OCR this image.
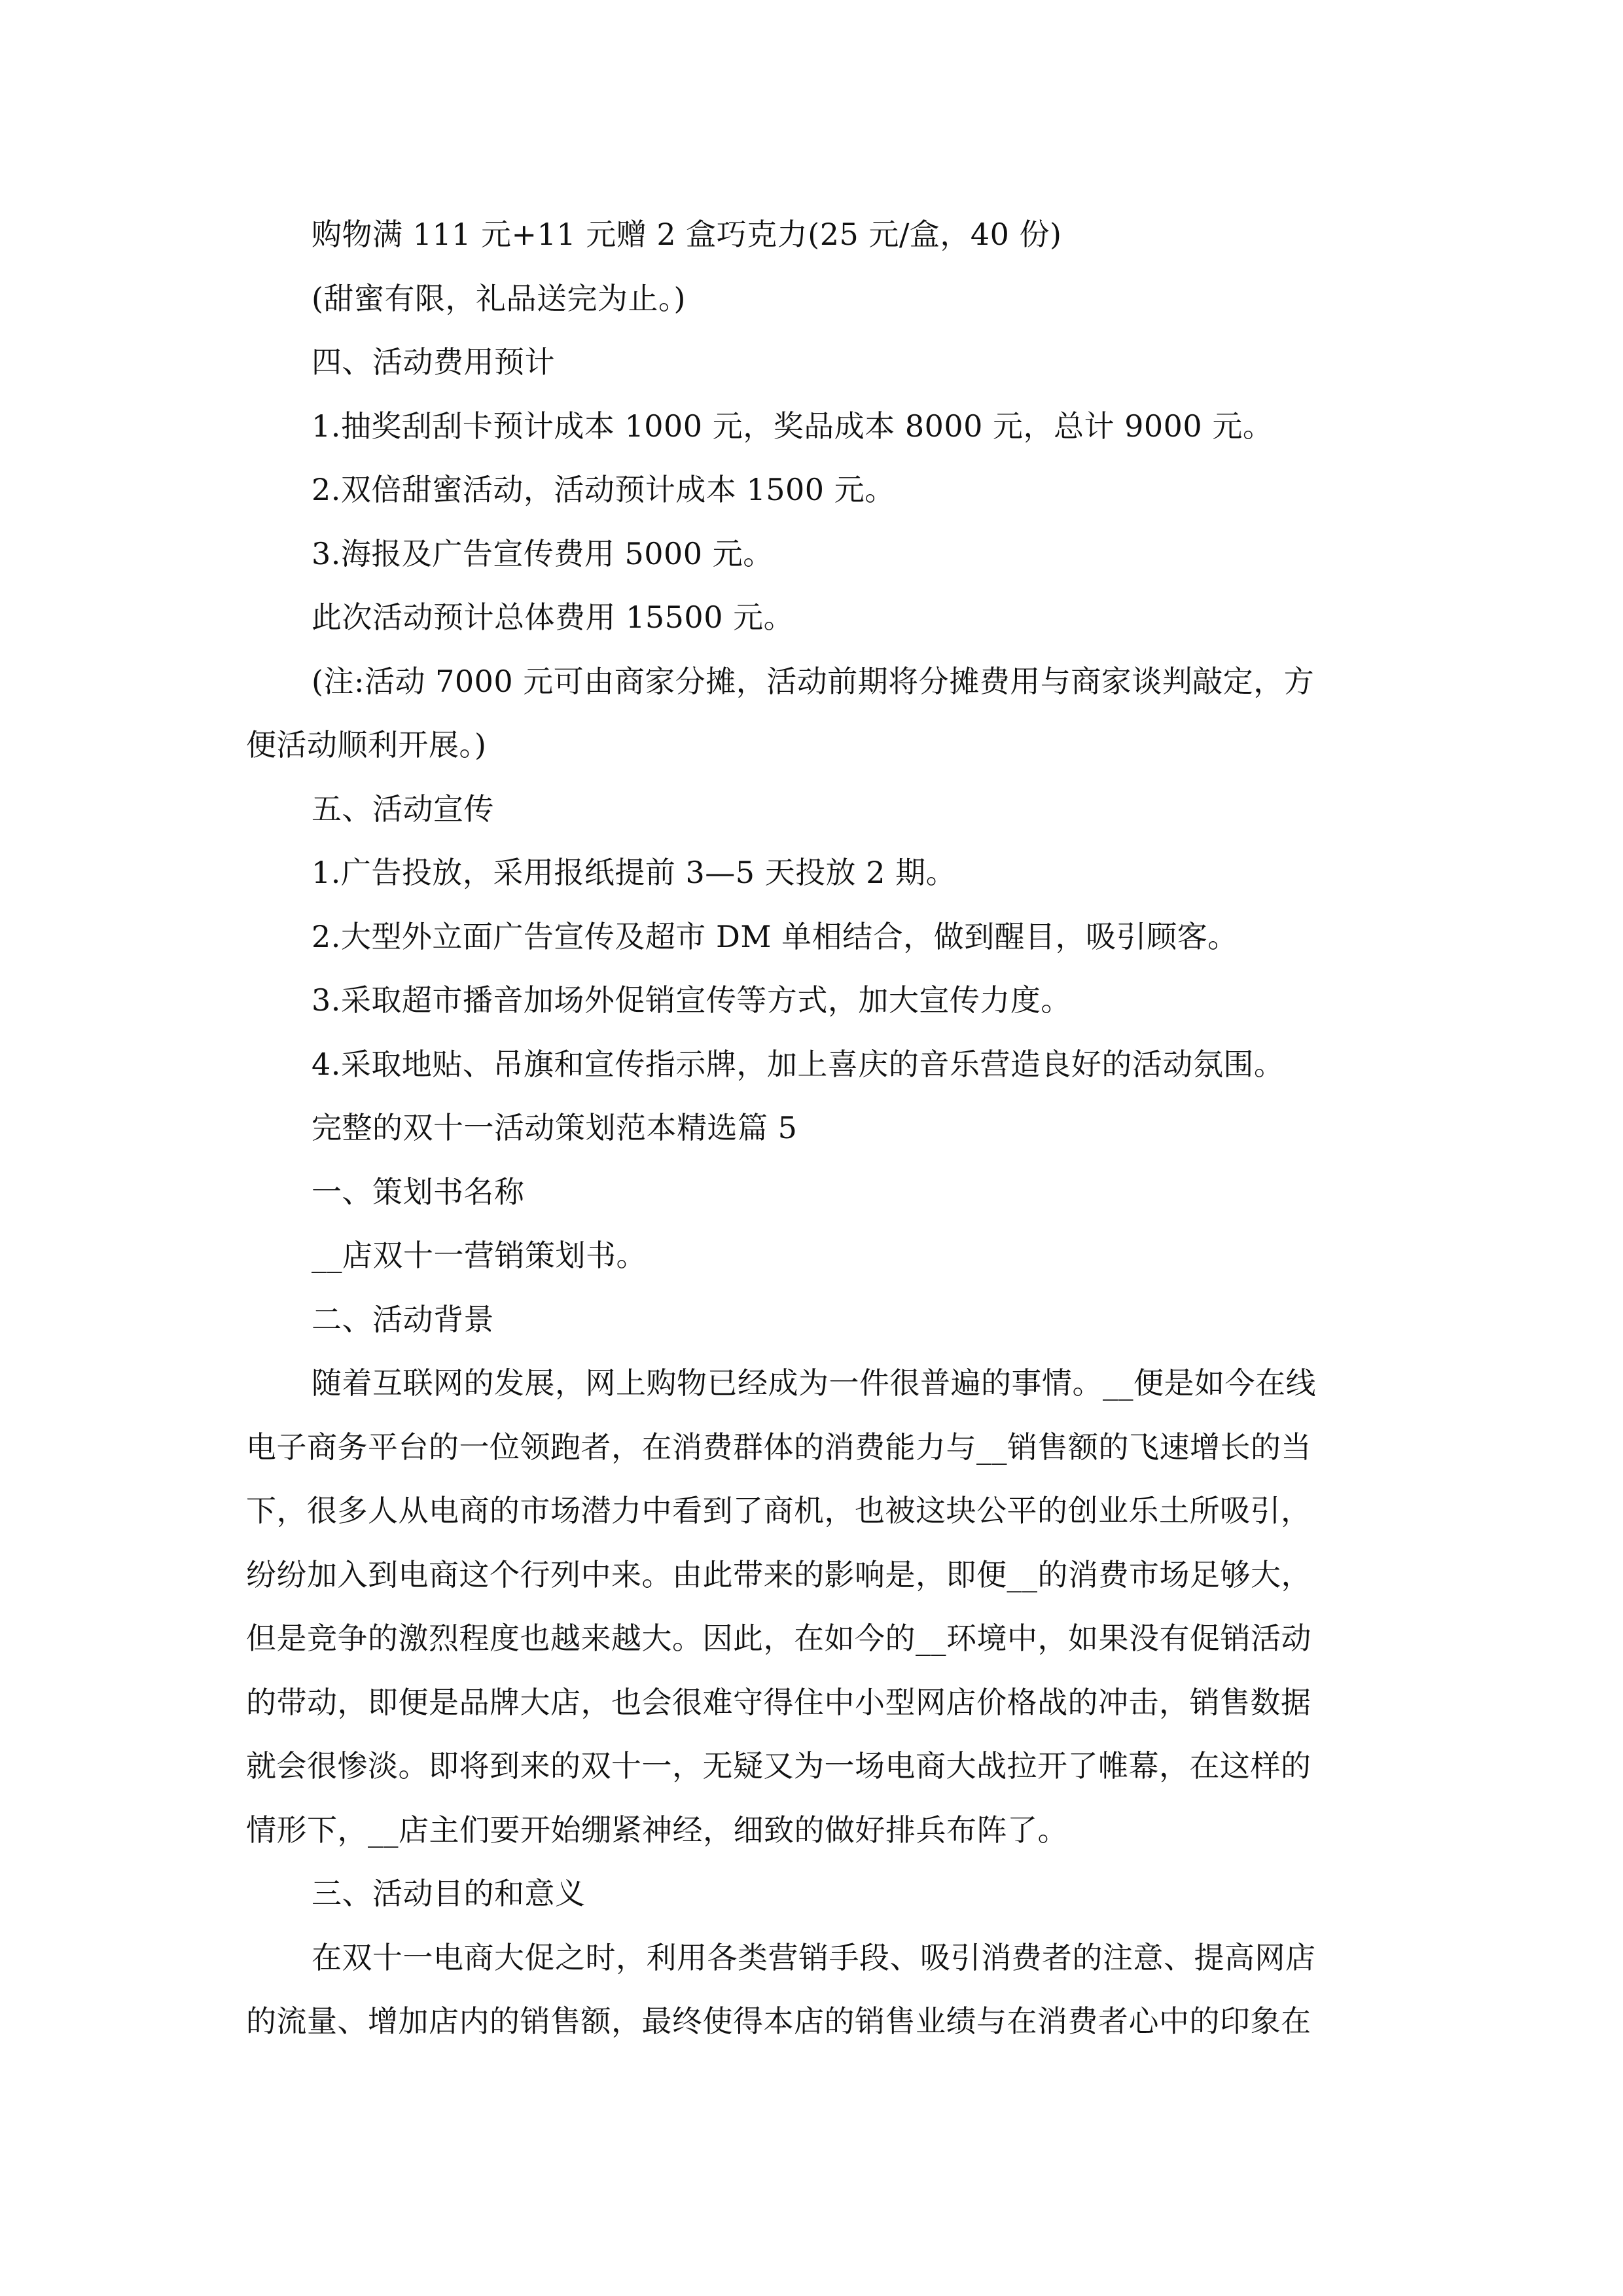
购物满 111 元+11 元赠 2 盒巧克力(25 元/盒，40 份)

(甜蜜有限，礼品送完为止。)

四、活动费用预计

1.抽奖刮刮卡预计成本 1000 元，奖品成本 8000 元，总计 9000 元。

2.双倍甜蜜活动，活动预计成本 1500 元。

3.海报及广告宣传费用 5000 元。

此次活动预计总体费用 15500 元。

(注:活动 7000 元可由商家分摊，活动前期将分摊费用与商家谈判敲定，方

便活动顺利开展。)

五、活动宣传

1.广告投放，采用报纸提前 3—5 天投放 2 期。

2.大型外立面广告宣传及超市 DM 单相结合，做到醒目，吸引顾客。

3.采取超市播音加场外促销宣传等方式，加大宣传力度。

4.采取地贴、吊旗和宣传指示牌，加上喜庆的音乐营造良好的活动氛围。

完整的双十一活动策划范本精选篇 5

一、策划书名称

__店双十一营销策划书。

二、活动背景

随着互联网的发展，网上购物已经成为一件很普遍的事情。__便是如今在线

电子商务平台的一位领跑者，在消费群体的消费能力与__销售额的飞速增长的当

下，很多人从电商的市场潜力中看到了商机，也被这块公平的创业乐土所吸引，

纷纷加入到电商这个行列中来。由此带来的影响是，即便__的消费市场足够大，

但是竞争的激烈程度也越来越大。因此，在如今的__环境中，如果没有促销活动

的带动，即便是品牌大店，也会很难守得住中小型网店价格战的冲击，销售数据

就会很惨淡。即将到来的双十一，无疑又为一场电商大战拉开了帷幕，在这样的

情形下，__店主们要开始绷紧神经，细致的做好排兵布阵了。

三、活动目的和意义

在双十一电商大促之时，利用各类营销手段、吸引消费者的注意、提高网店

的流量、增加店内的销售额，最终使得本店的销售业绩与在消费者心中的印象在
